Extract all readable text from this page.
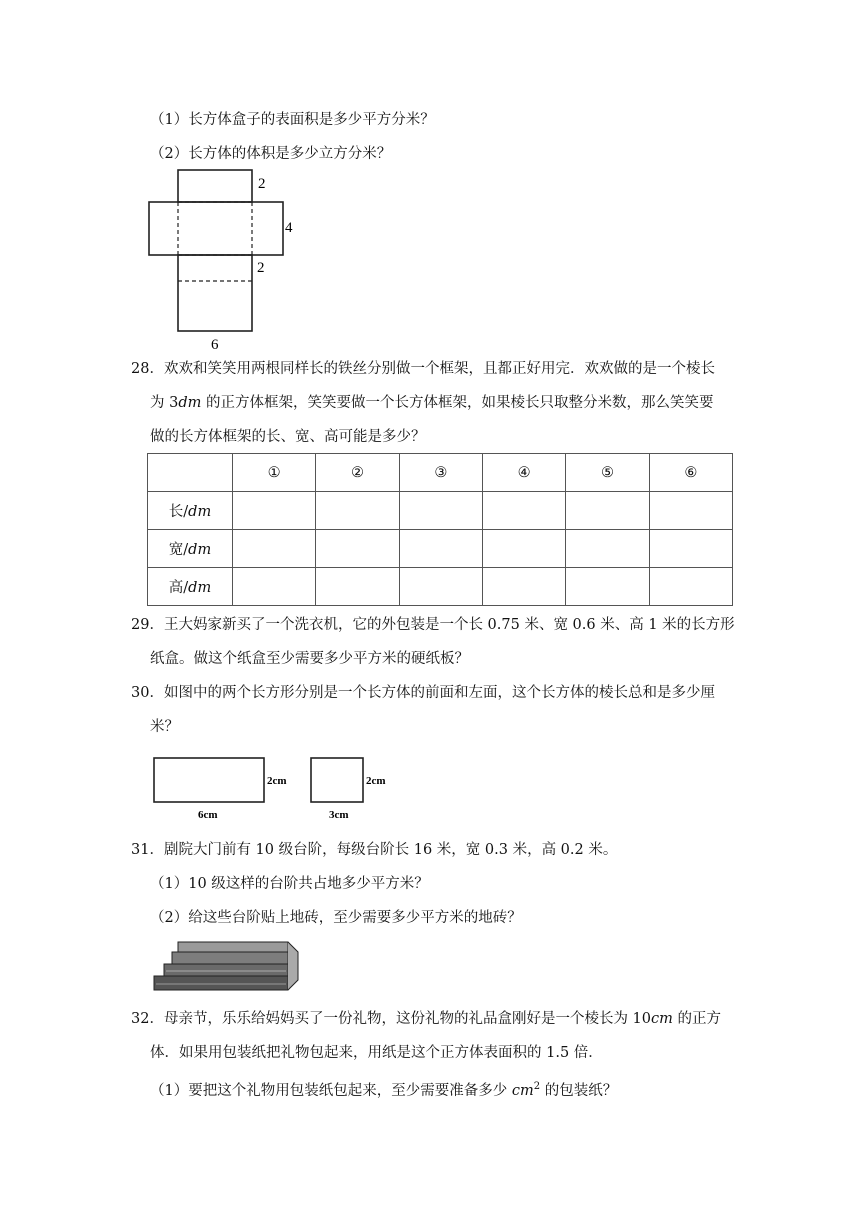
（1）长方体盒子的表面积是多少平方分米？
（2）长方体的体积是多少立方分米？
2
4
2
6
28．欢欢和笑笑用两根同样长的铁丝分别做一个框架，且都正好用完．欢欢做的是一个棱长
为 3dm 的正方体框架，笑笑要做一个长方体框架，如果棱长只取整分米数，那么笑笑要
做的长方体框架的长、宽、高可能是多少？
	①	②	③	④	⑤	⑥
长/dm						
宽/dm						
高/dm						
29．王大妈家新买了一个洗衣机，它的外包装是一个长 0.75 米、宽 0.6 米、高 1 米的长方形
纸盒。做这个纸盒至少需要多少平方米的硬纸板？
30．如图中的两个长方形分别是一个长方体的前面和左面，这个长方体的棱长总和是多少厘
米？
2cm
6cm
2cm
3cm
31．剧院大门前有 10 级台阶，每级台阶长 16 米，宽 0.3 米，高 0.2 米。
（1）10 级这样的台阶共占地多少平方米？
（2）给这些台阶贴上地砖，至少需要多少平方米的地砖？
32．母亲节，乐乐给妈妈买了一份礼物，这份礼物的礼品盒刚好是一个棱长为 10cm 的正方
体．如果用包装纸把礼物包起来，用纸是这个正方体表面积的 1.5 倍．
（1）要把这个礼物用包装纸包起来，至少需要准备多少 $cm^2$ 的包装纸？
